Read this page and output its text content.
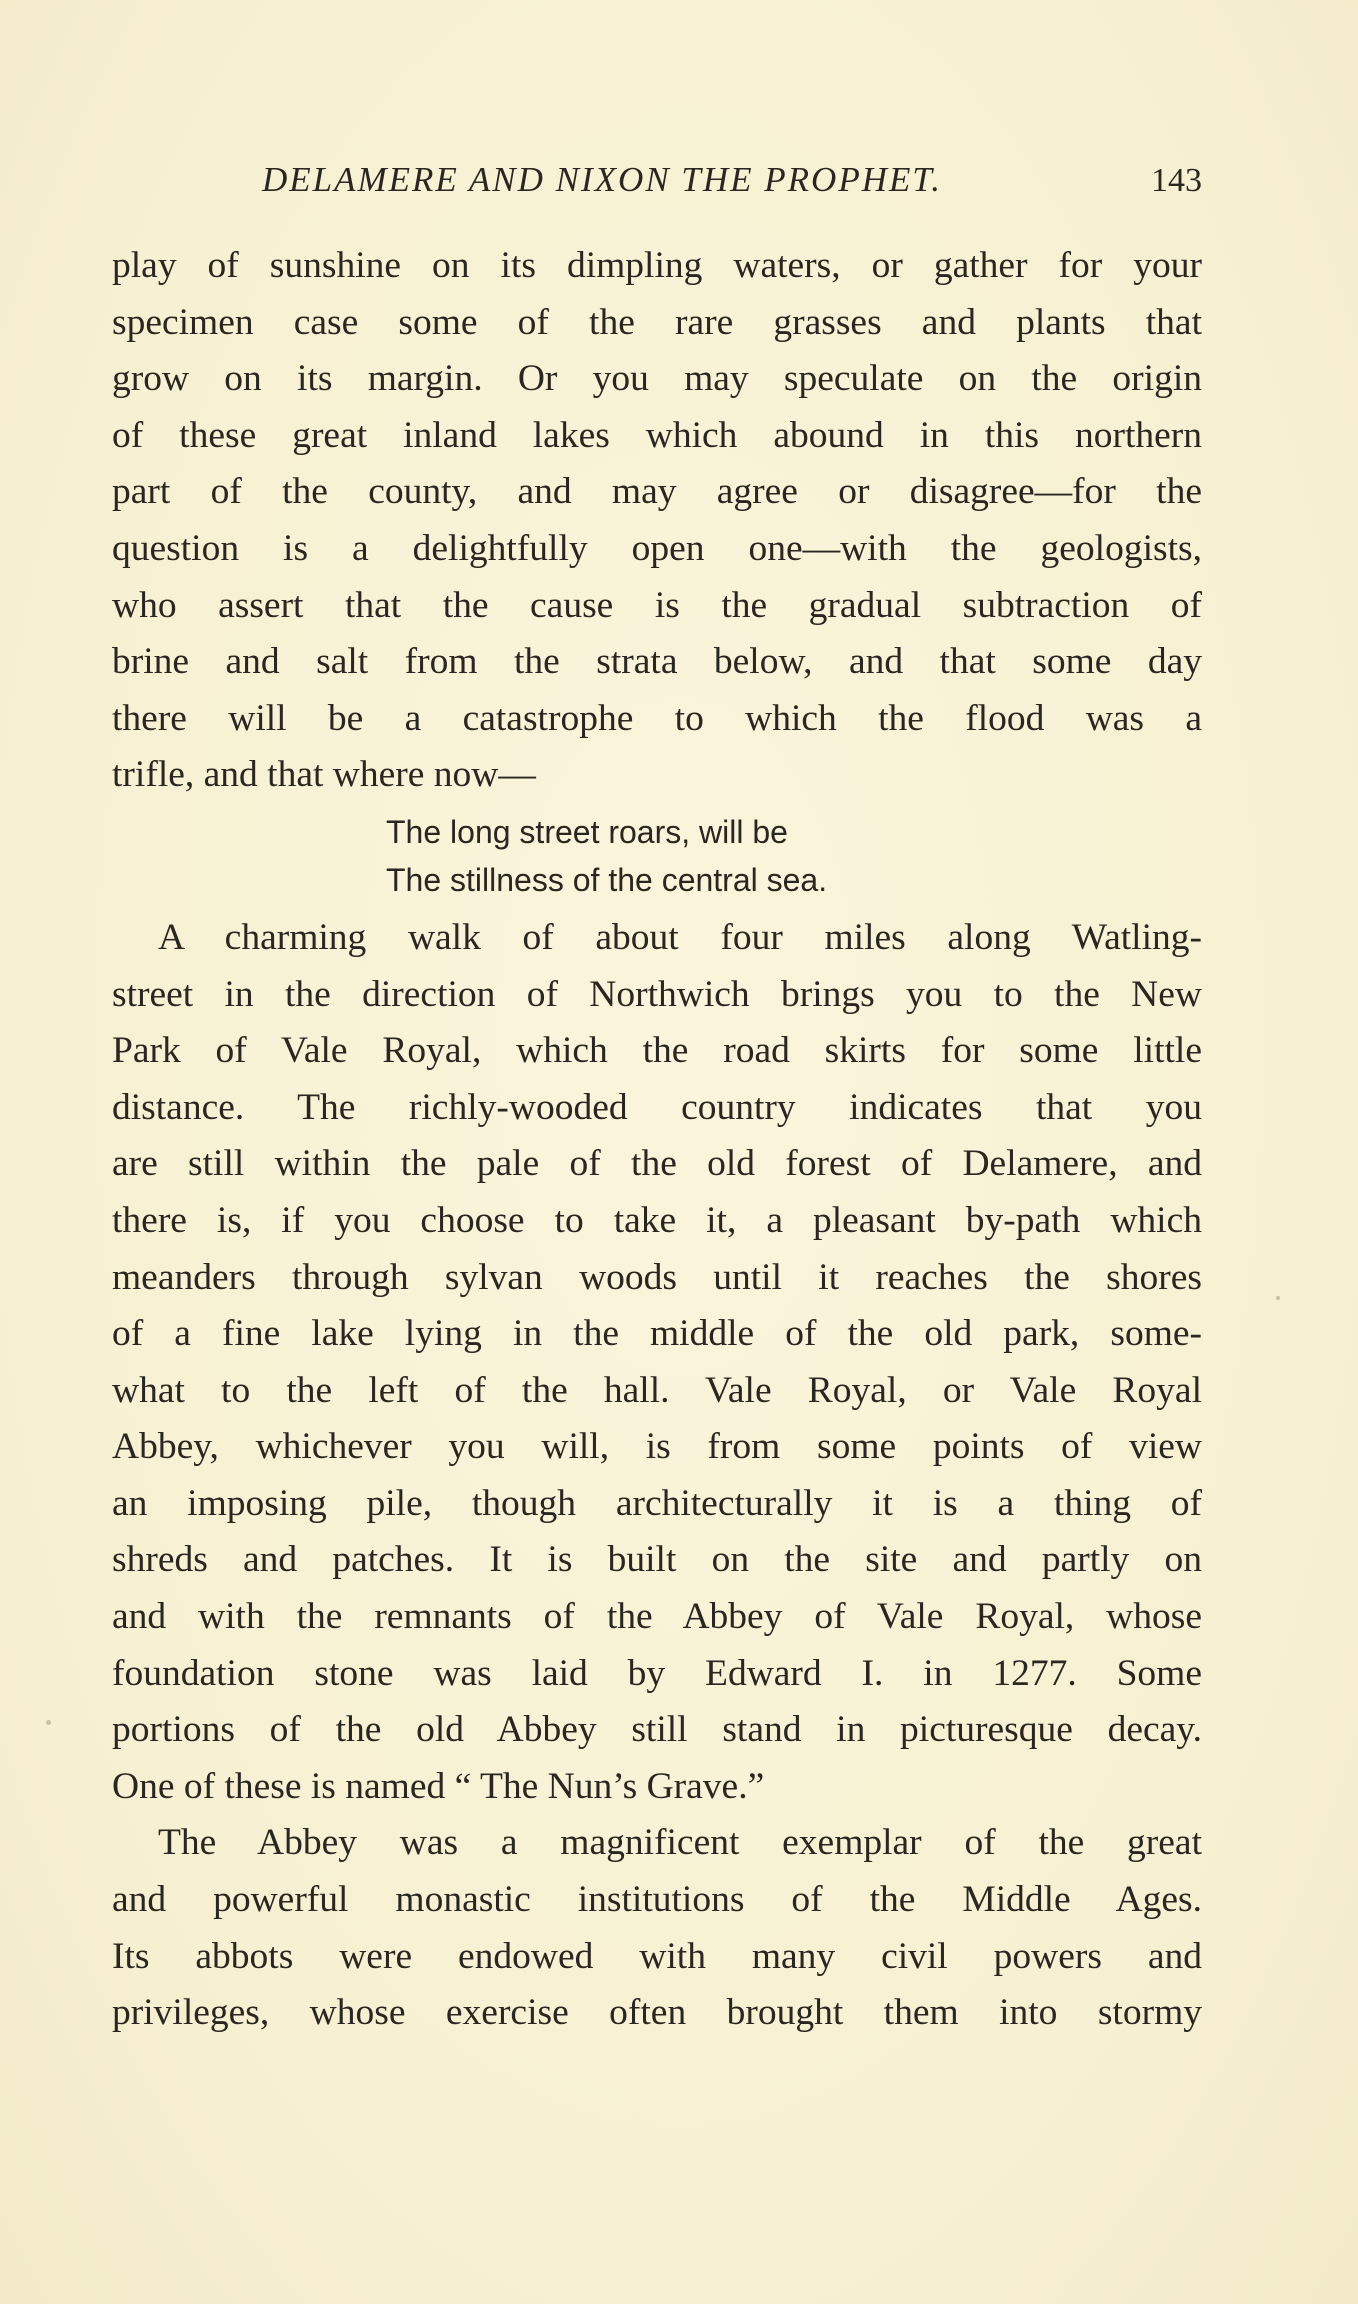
DELAMERE AND NIXON THE PROPHET.	143
play of sunshine on its dimpling waters, or gather for your
specimen case some of the rare grasses and plants that
grow on its margin. Or you may speculate on the origin
of these great inland lakes which abound in this northern
part of the county, and may agree or disagree—for the
question is a delightfully open one—with the geologists,
who assert that the cause is the gradual subtraction of
brine and salt from the strata below, and that some day
there will be a catastrophe to which the flood was a
trifle, and that where now—
The long street roars, will be
The stillness of the central sea.
A charming walk of about four miles along Watling-
street in the direction of Northwich brings you to the New
Park of Vale Royal, which the road skirts for some little
distance. The richly-wooded country indicates that you
are still within the pale of the old forest of Delamere, and
there is, if you choose to take it, a pleasant by-path which
meanders through sylvan woods until it reaches the shores
of a fine lake lying in the middle of the old park, some-
what to the left of the hall. Vale Royal, or Vale Royal
Abbey, whichever you will, is from some points of view
an imposing pile, though architecturally it is a thing of
shreds and patches. It is built on the site and partly on
and with the remnants of the Abbey of Vale Royal, whose
foundation stone was laid by Edward I. in 1277. Some
portions of the old Abbey still stand in picturesque decay.
One of these is named “ The Nun’s Grave.”
The Abbey was a magnificent exemplar of the great
and powerful monastic institutions of the Middle Ages.
Its abbots were endowed with many civil powers and
privileges, whose exercise often brought them into stormy
